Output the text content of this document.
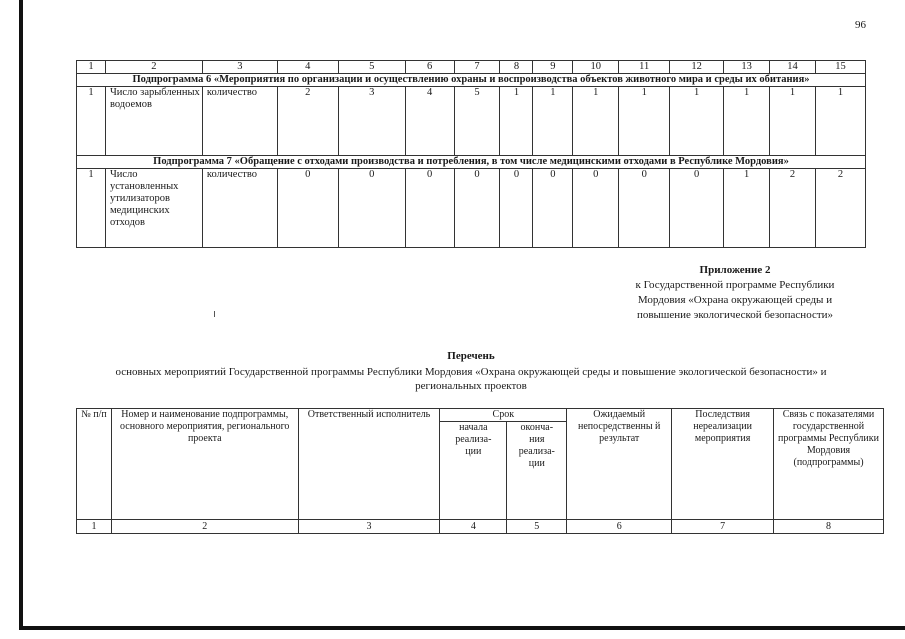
96
1	2	3	4	5	6	7	8	9	10	11	12	13	14	15
Подпрограмма 6 «Мероприятия по организации и осуществлению охраны и воспроизводства объектов животного мира и среды их обитания»														
1	Число зарыбленных водоемов	количество	2	3	4	5	1	1	1	1	1	1	1	1
Подпрограмма 7 «Обращение с отходами производства и потребления, в том числе медицинскими отходами в Республике Мордовия»														
1	Число установленных утилизаторов медицинских отходов	количество	0	0	0	0	0	0	0	0	0	1	2	2
Приложение 2
к Государственной программе Республики
Мордовия «Охрана окружающей среды и
повышение экологической безопасности»
Перечень
основных мероприятий Государственной программы Республики Мордовия «Охрана окружающей среды и повышение экологической безопасности» и региональных проектов
№ п/п	Номер и наименование подпрограммы, основного мероприятия, регионального проекта	Ответственный исполнитель	Срок		Ожидаемый непосредственны й результат	Последствия нереализации мероприятия	Связь с показателями государственной программы Республики Мордовия (подпрограммы)
			начала реализа- ции	оконча- ния реализа- ции			
1	2	3	4	5	6	7	8
